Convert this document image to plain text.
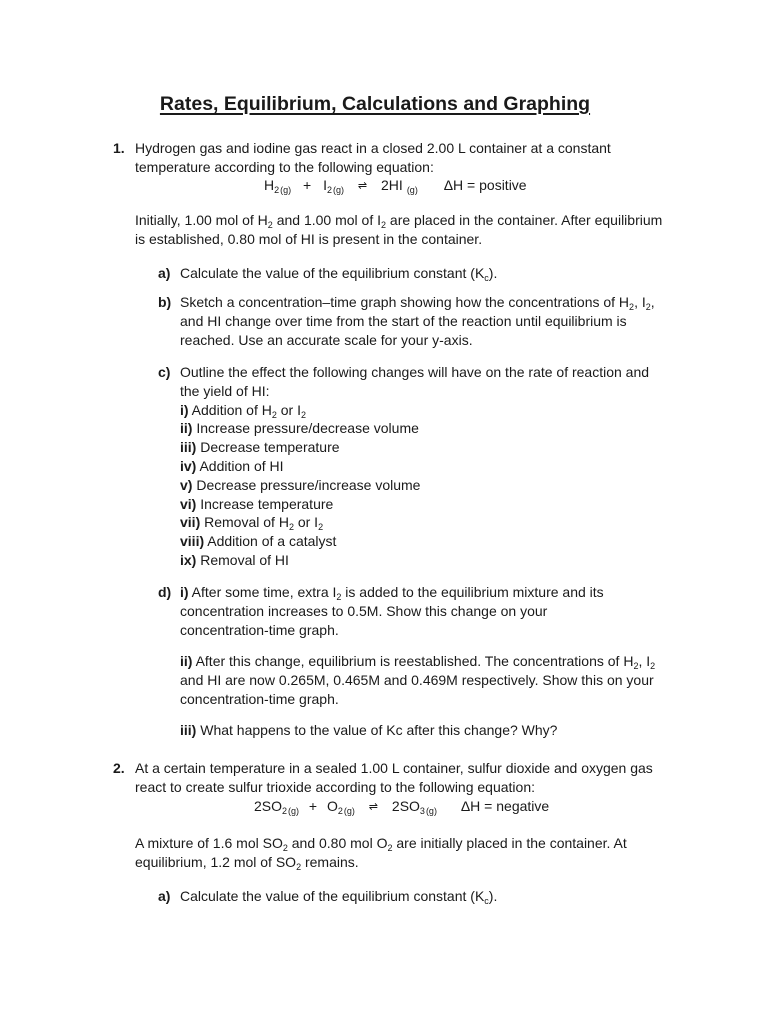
Rates, Equilibrium, Calculations and Graphing
1. Hydrogen gas and iodine gas react in a closed 2.00 L container at a constant

temperature according to the following equation:

$H_{2(g)} + I_{2(g)}$ ⇌ 2HI $_{(g)}$ ΔH = positive

Initially, 1.00 mol of $H_2$ and 1.00 mol of $I_2$ are placed in the container. After equilibrium

is established, 0.80 mol of HI is present in the container.

a) Calculate the value of the equilibrium constant $(K_c)$.
b) Sketch a concentration–time graph showing how the concentrations of $H_2$, $I_2$,

and HI change over time from the start of the reaction until equilibrium is

reached. Use an accurate scale for your y-axis.

c) Outline the effect the following changes will have on the rate of reaction and

the yield of HI:

i) Addition of $H_2$ or $I_2$

ii) Increase pressure/decrease volume

iii) Decrease temperature

iv) Addition of HI

v) Decrease pressure/increase volume

vi) Increase temperature

vii) Removal of $H_2$ or $I_2$

viii) Addition of a catalyst

ix) Removal of HI

d) i) After some time, extra $I_2$ is added to the equilibrium mixture and its

concentration increases to 0.5M. Show this change on your

concentration-time graph.

ii) After this change, equilibrium is reestablished. The concentrations of $H_2$, $I_2$

and HI are now 0.265M, 0.465M and 0.469M respectively. Show this on your

concentration-time graph.

iii) What happens to the value of Kc after this change? Why?

2. At a certain temperature in a sealed 1.00 L container, sulfur dioxide and oxygen gas

react to create sulfur trioxide according to the following equation:

$2SO_{2(g)} + O_{2(g)}$ ⇌ $2SO_{3(g)}$ ΔH = negative

A mixture of 1.6 mol $SO_2$ and 0.80 mol $O_2$ are initially placed in the container. At

equilibrium, 1.2 mol of $SO_2$ remains.

a) Calculate the value of the equilibrium constant $(K_c)$.
